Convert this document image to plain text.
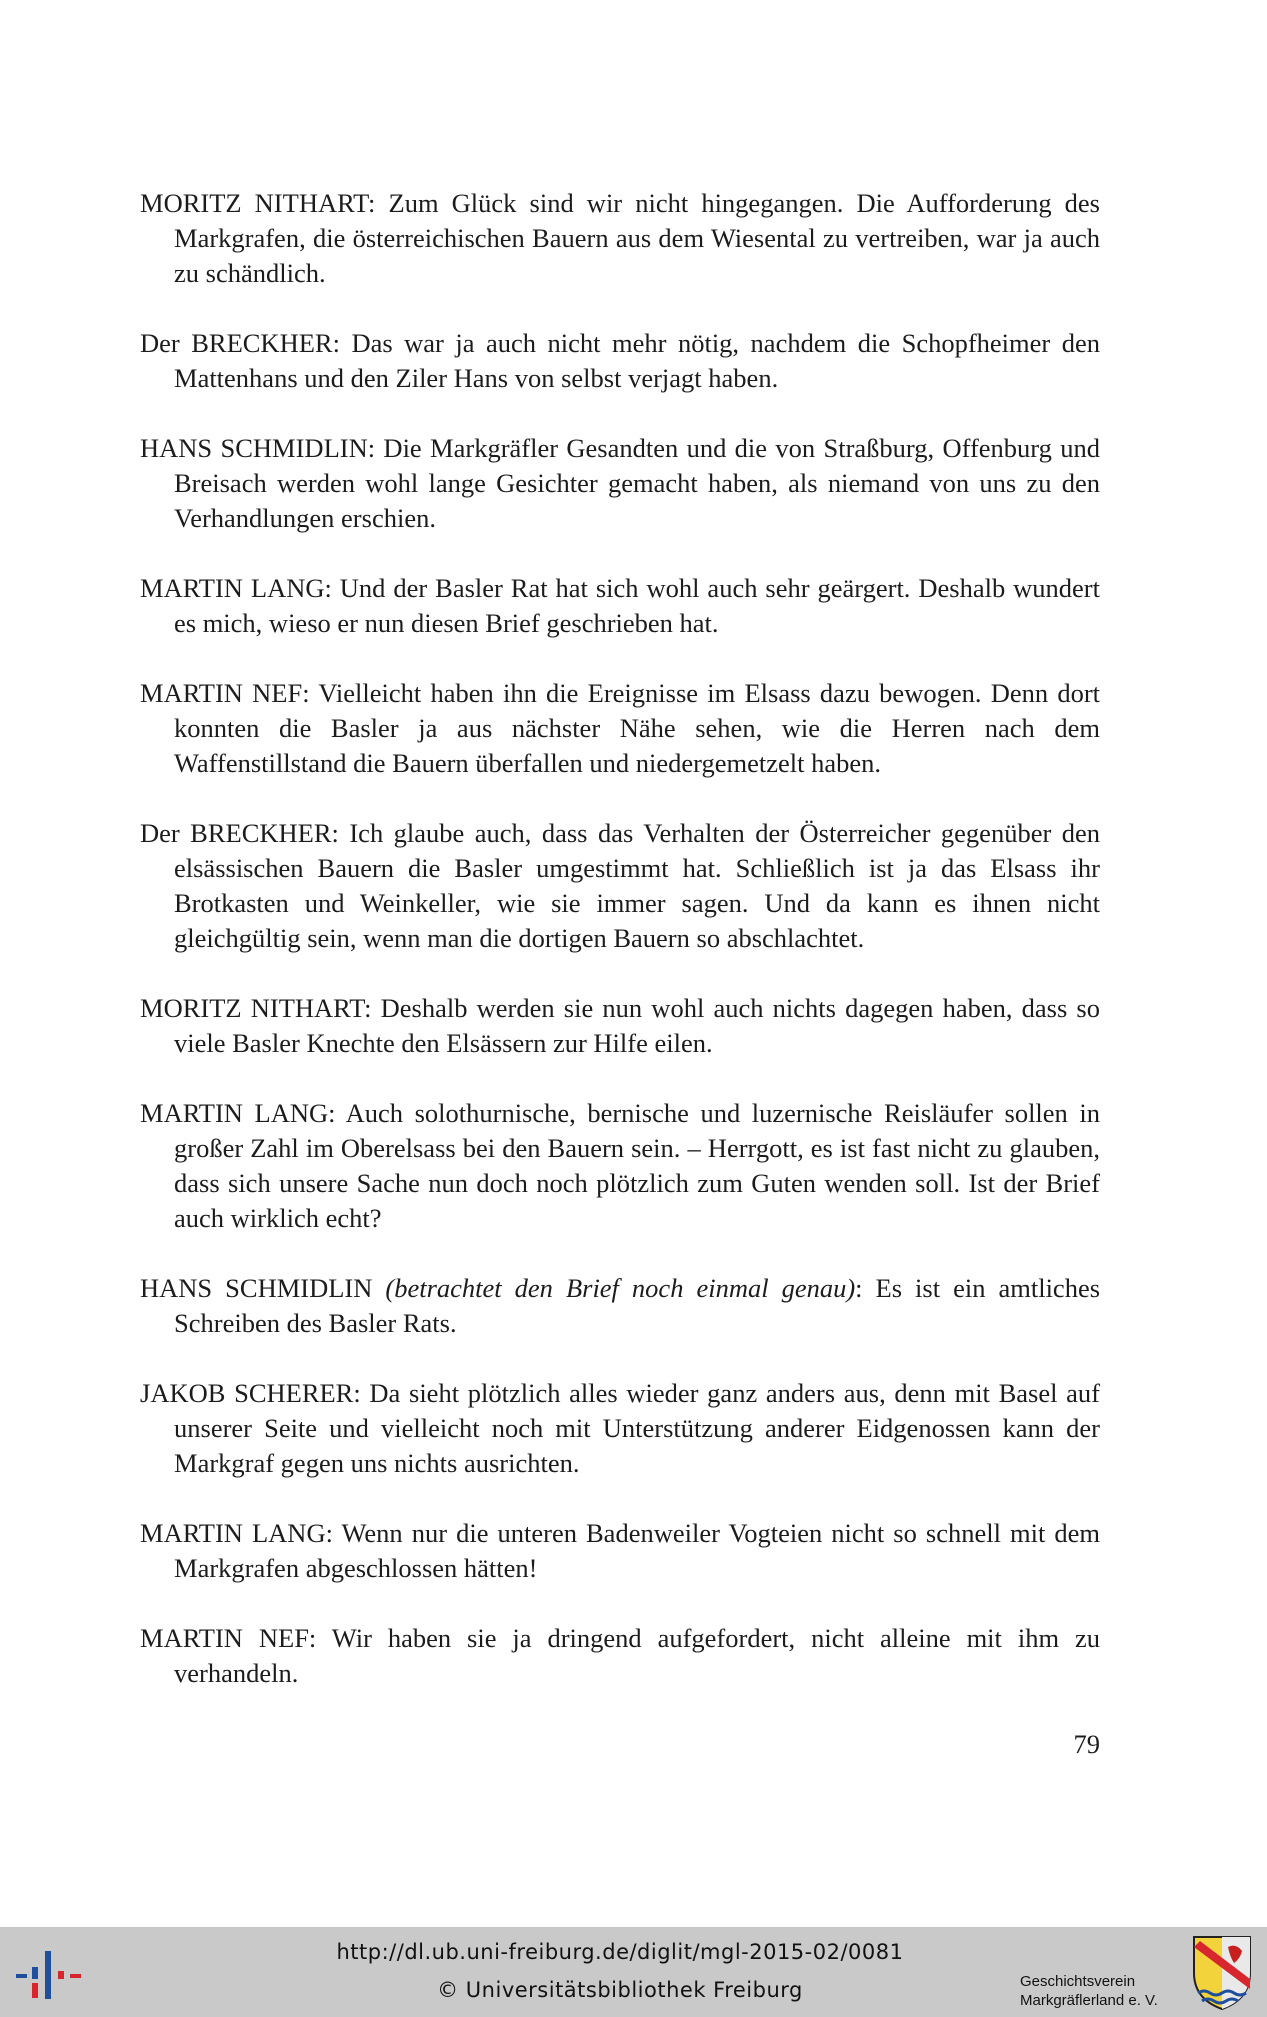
MORITZ NITHART: Zum Glück sind wir nicht hingegangen. Die Aufforderung des Markgrafen, die österreichischen Bauern aus dem Wiesental zu vertreiben, war ja auch zu schändlich.

Der BRECKHER: Das war ja auch nicht mehr nötig, nachdem die Schopfheimer den Mattenhans und den Ziler Hans von selbst verjagt haben.

HANS SCHMIDLIN: Die Markgräfler Gesandten und die von Straßburg, Offenburg und Breisach werden wohl lange Gesichter gemacht haben, als niemand von uns zu den Verhandlungen erschien.

MARTIN LANG: Und der Basler Rat hat sich wohl auch sehr geärgert. Deshalb wundert es mich, wieso er nun diesen Brief geschrieben hat.

MARTIN NEF: Vielleicht haben ihn die Ereignisse im Elsass dazu bewogen. Denn dort konnten die Basler ja aus nächster Nähe sehen, wie die Herren nach dem Waffenstillstand die Bauern überfallen und niedergemetzelt haben.

Der BRECKHER: Ich glaube auch, dass das Verhalten der Österreicher gegenüber den elsässischen Bauern die Basler umgestimmt hat. Schließlich ist ja das Elsass ihr Brotkasten und Weinkeller, wie sie immer sagen. Und da kann es ihnen nicht gleichgültig sein, wenn man die dortigen Bauern so abschlachtet.

MORITZ NITHART: Deshalb werden sie nun wohl auch nichts dagegen haben, dass so viele Basler Knechte den Elsässern zur Hilfe eilen.

MARTIN LANG: Auch solothurnische, bernische und luzernische Reisläufer sollen in großer Zahl im Oberelsass bei den Bauern sein. – Herrgott, es ist fast nicht zu glauben, dass sich unsere Sache nun doch noch plötzlich zum Guten wenden soll. Ist der Brief auch wirklich echt?

HANS SCHMIDLIN (betrachtet den Brief noch einmal genau): Es ist ein amtliches Schreiben des Basler Rats.

JAKOB SCHERER: Da sieht plötzlich alles wieder ganz anders aus, denn mit Basel auf unserer Seite und vielleicht noch mit Unterstützung anderer Eidgenossen kann der Markgraf gegen uns nichts ausrichten.

MARTIN LANG: Wenn nur die unteren Badenweiler Vogteien nicht so schnell mit dem Markgrafen abgeschlossen hätten!

MARTIN NEF: Wir haben sie ja dringend aufgefordert, nicht alleine mit ihm zu verhandeln.

79
http://dl.ub.uni-freiburg.de/diglit/mgl-2015-02/0081
© Universitätsbibliothek Freiburg	Geschichtsverein
Markgräflerland e. V.
